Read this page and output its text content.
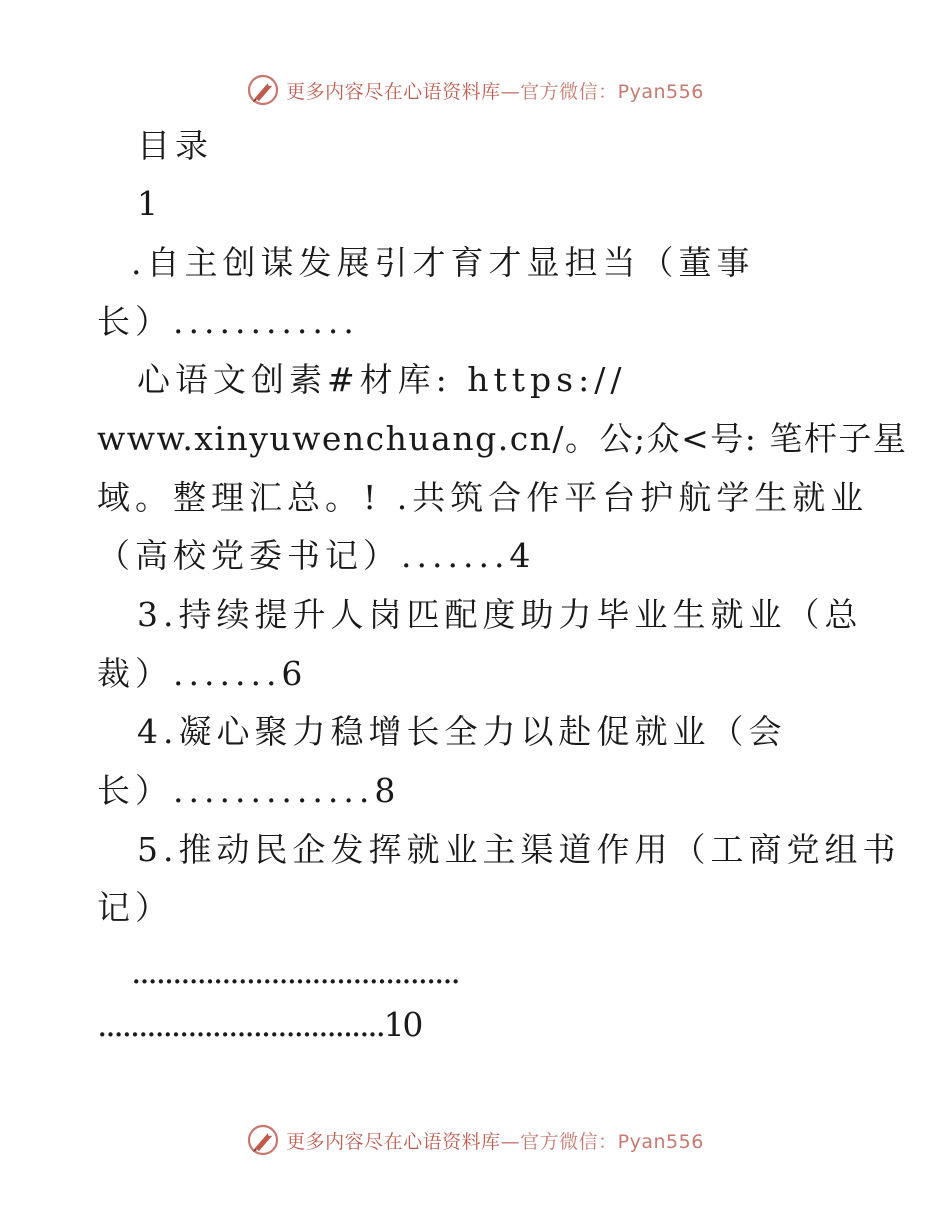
更多内容尽在心语资料库—官方微信：Pyan556
目录
1
.自主创谋发展引才育才显担当（董事
长）............
心语文创素#材库: https://
www.xinyuwenchuang.cn/。公;众<号: 笔杆子星
域。整理汇总。! .共筑合作平台护航学生就业
（高校党委书记）.......4
3.持续提升人岗匹配度助力毕业生就业（总
裁）.......6
4.凝心聚力稳增长全力以赴促就业（会
长）.............8
5.推动民企发挥就业主渠道作用（工商党组书
记）
........................................
...................................10
更多内容尽在心语资料库—官方微信：Pyan556
